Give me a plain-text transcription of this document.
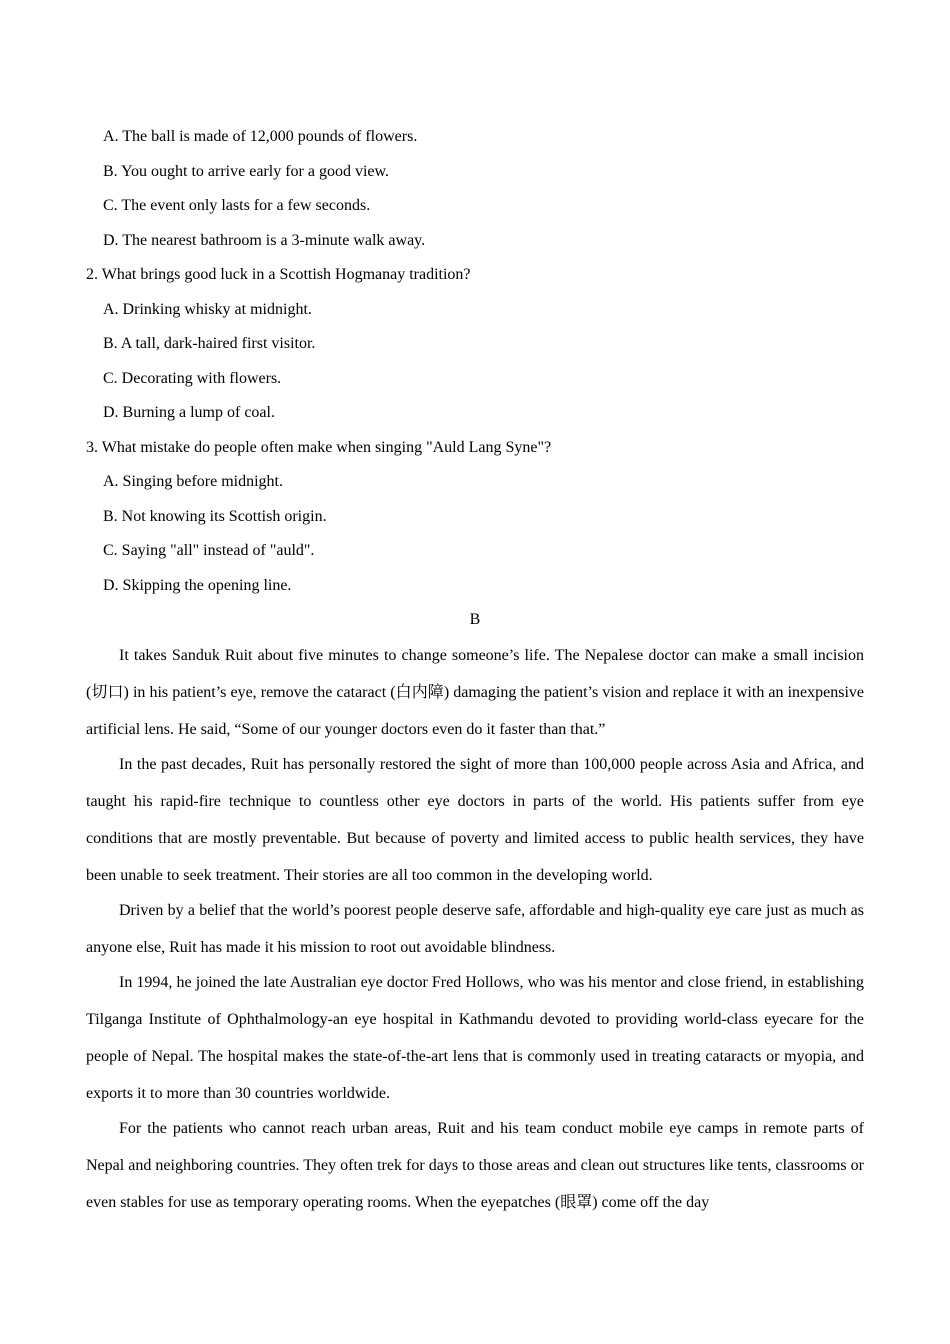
A. The ball is made of 12,000 pounds of flowers.
B. You ought to arrive early for a good view.
C. The event only lasts for a few seconds.
D. The nearest bathroom is a 3-minute walk away.
2. What brings good luck in a Scottish Hogmanay tradition?
A. Drinking whisky at midnight.
B. A tall, dark-haired first visitor.
C. Decorating with flowers.
D. Burning a lump of coal.
3. What mistake do people often make when singing "Auld Lang Syne"?
A. Singing before midnight.
B. Not knowing its Scottish origin.
C. Saying "all" instead of "auld".
D. Skipping the opening line.
B

It takes Sanduk Ruit about five minutes to change someone’s life. The Nepalese doctor can make a small incision (切口) in his patient’s eye, remove the cataract (白内障) damaging the patient’s vision and replace it with an inexpensive artificial lens. He said, “Some of our younger doctors even do it faster than that.”

In the past decades, Ruit has personally restored the sight of more than 100,000 people across Asia and Africa, and taught his rapid-fire technique to countless other eye doctors in parts of the world. His patients suffer from eye conditions that are mostly preventable. But because of poverty and limited access to public health services, they have been unable to seek treatment. Their stories are all too common in the developing world.

Driven by a belief that the world’s poorest people deserve safe, affordable and high-quality eye care just as much as anyone else, Ruit has made it his mission to root out avoidable blindness.

In 1994, he joined the late Australian eye doctor Fred Hollows, who was his mentor and close friend, in establishing Tilganga Institute of Ophthalmology-an eye hospital in Kathmandu devoted to providing world-class eyecare for the people of Nepal. The hospital makes the state-of-the-art lens that is commonly used in treating cataracts or myopia, and exports it to more than 30 countries worldwide.

For the patients who cannot reach urban areas, Ruit and his team conduct mobile eye camps in remote parts of Nepal and neighboring countries. They often trek for days to those areas and clean out structures like tents, classrooms or even stables for use as temporary operating rooms. When the eyepatches (眼罩) come off the day
